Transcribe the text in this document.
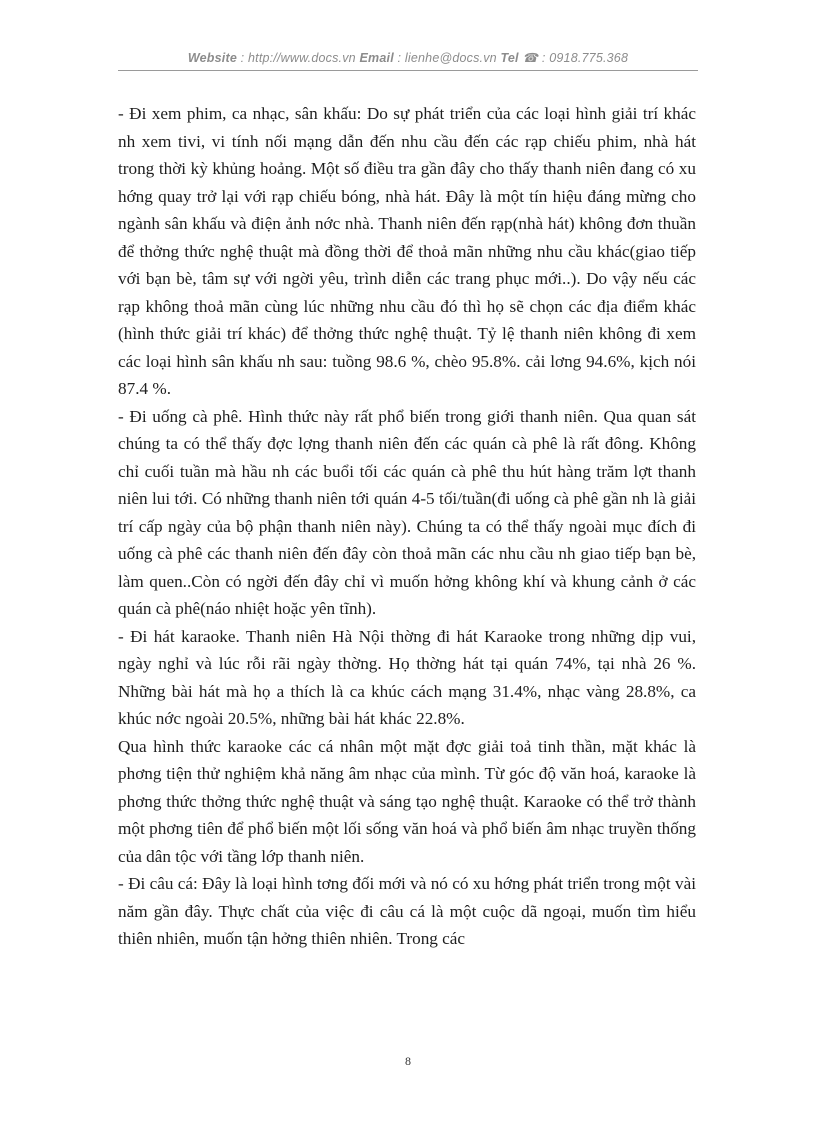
Website : http://www.docs.vn Email : lienhe@docs.vn Tel ☎ : 0918.775.368

- Đi xem phim, ca nhạc, sân khấu: Do sự phát triển của các loại hình giải trí khác nh xem tivi, vi tính nối mạng dẫn đến nhu cầu đến các rạp chiếu phim, nhà hát trong thời kỳ khủng hoảng. Một số điều tra gần đây cho thấy thanh niên đang có xu hớng quay trở lại với rạp chiếu bóng, nhà hát. Đây là một tín hiệu đáng mừng cho ngành sân khấu và điện ảnh nớc nhà. Thanh niên đến rạp(nhà hát) không đơn thuần để thởng thức nghệ thuật mà đồng thời để thoả mãn những nhu cầu khác(giao tiếp với bạn bè, tâm sự với ngời yêu, trình diễn các trang phục mới..). Do vậy nếu các rạp không thoả mãn cùng lúc những nhu cầu đó thì họ sẽ chọn các địa điểm khác (hình thức giải trí khác) để thởng thức nghệ thuật. Tỷ lệ thanh niên không đi xem các loại hình sân khấu nh sau: tuồng 98.6 %, chèo 95.8%. cải lơng 94.6%, kịch nói 87.4 %.

- Đi uống cà phê. Hình thức này rất phổ biến trong giới thanh niên. Qua quan sát chúng ta có thể thấy đợc lợng thanh niên đến các quán cà phê là rất đông. Không chỉ cuối tuần mà hầu nh các buổi tối các quán cà phê thu hút hàng trăm lợt thanh niên lui tới. Có những thanh niên tới quán 4-5 tối/tuần(đi uống cà phê gần nh là giải trí cấp ngày của bộ phận thanh niên này). Chúng ta có thể thấy ngoài mục đích đi uống cà phê các thanh niên đến đây còn thoả mãn các nhu cầu nh giao tiếp bạn bè, làm quen..Còn có ngời đến đây chỉ vì muốn hởng không khí và khung cảnh ở các quán cà phê(náo nhiệt hoặc yên tĩnh).

- Đi hát karaoke. Thanh niên Hà Nội thờng đi hát Karaoke trong những dịp vui, ngày nghỉ và lúc rỗi rãi ngày thờng. Họ thờng hát tại quán 74%, tại nhà 26 %. Những bài hát mà họ a thích là ca khúc cách mạng 31.4%, nhạc vàng 28.8%, ca khúc nớc ngoài 20.5%, những bài hát khác 22.8%.

Qua hình thức karaoke các cá nhân một mặt đợc giải toả tinh thần, mặt khác là phơng tiện thử nghiệm khả năng âm nhạc của mình. Từ góc độ văn hoá, karaoke là phơng thức thởng thức nghệ thuật và sáng tạo nghệ thuật. Karaoke có thể trở thành một phơng tiên để phổ biến một lối sống văn hoá và phổ biến âm nhạc truyền thống của dân tộc với tầng lớp thanh niên.

- Đi câu cá: Đây là loại hình tơng đối mới và nó có xu hớng phát triển trong một vài năm gần đây. Thực chất của việc đi câu cá là một cuộc dã ngoại, muốn tìm hiểu thiên nhiên, muốn tận hởng thiên nhiên. Trong các

8
